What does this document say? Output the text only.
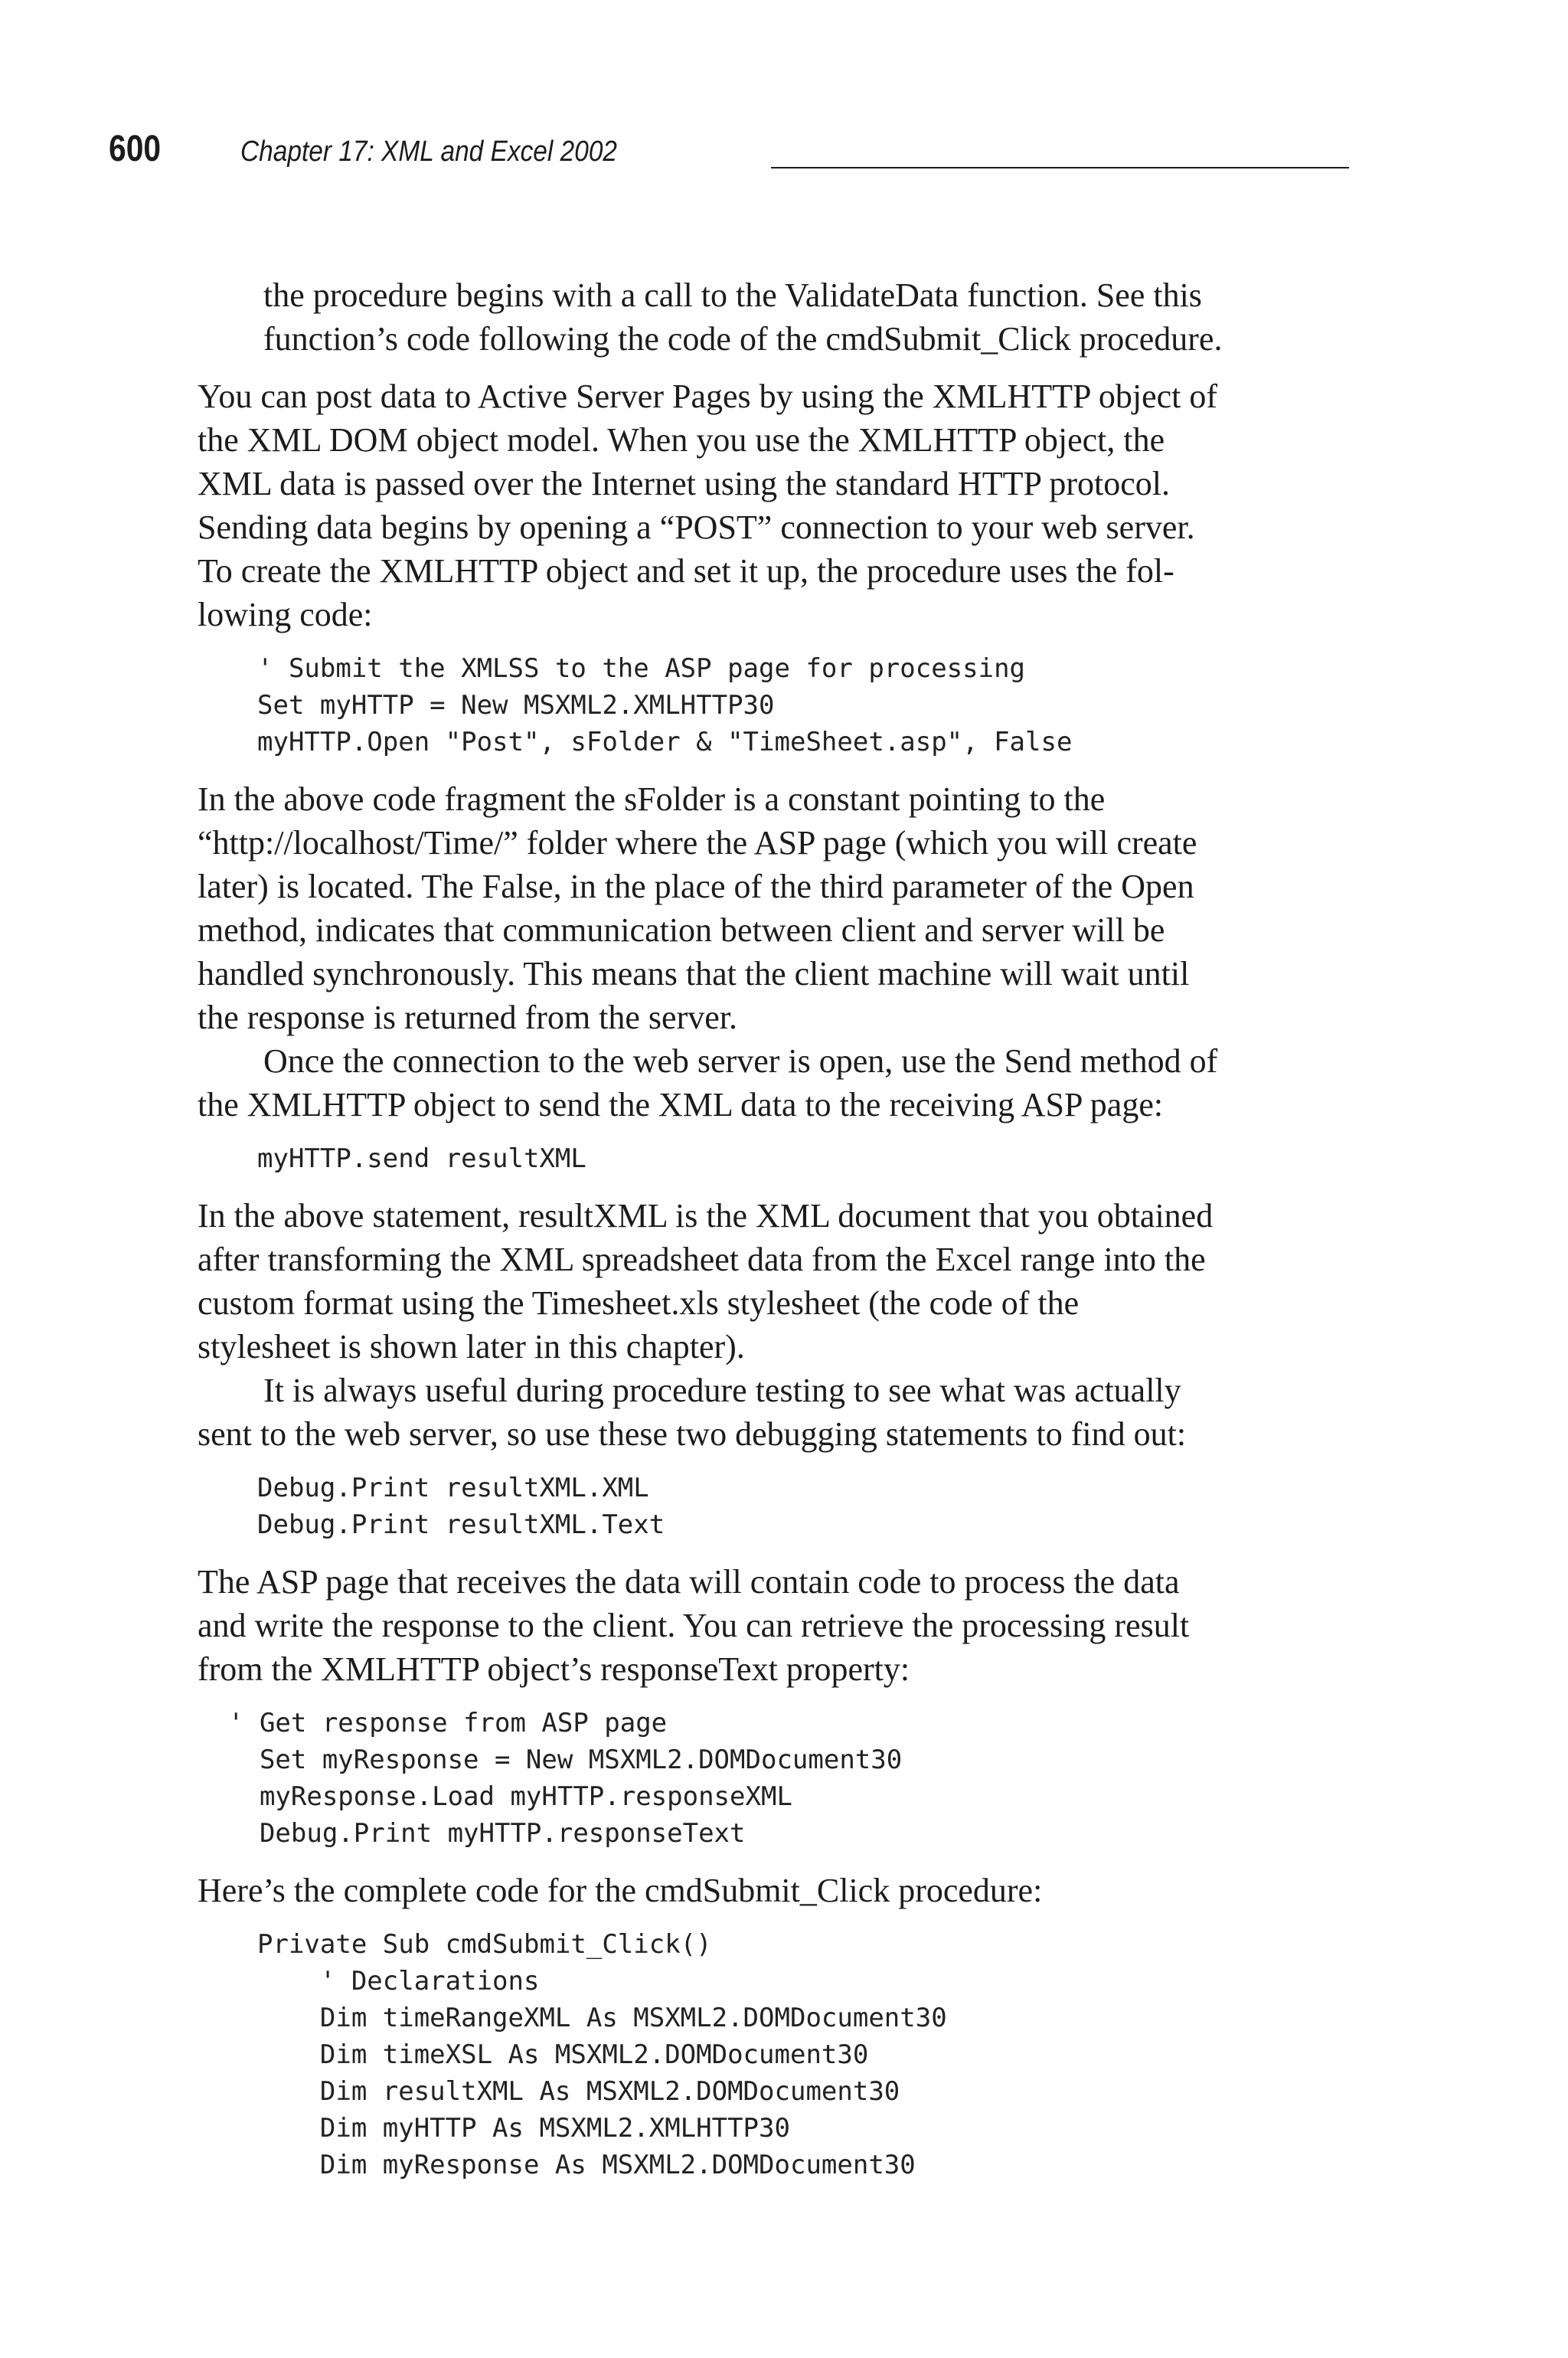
600	Chapter 17: XML and Excel 2002
the procedure begins with a call to the ValidateData function. See this
function’s code following the code of the cmdSubmit_Click procedure.
You can post data to Active Server Pages by using the XMLHTTP object of
the XML DOM object model. When you use the XMLHTTP object, the
XML data is passed over the Internet using the standard HTTP protocol.
Sending data begins by opening a “POST” connection to your web server.
To create the XMLHTTP object and set it up, the procedure uses the fol-
lowing code:
' Submit the XMLSS to the ASP page for processing
Set myHTTP = New MSXML2.XMLHTTP30
myHTTP.Open "Post", sFolder & "TimeSheet.asp", False
In the above code fragment the sFolder is a constant pointing to the
“http://localhost/Time/” folder where the ASP page (which you will create
later) is located. The False, in the place of the third parameter of the Open
method, indicates that communication between client and server will be
handled synchronously. This means that the client machine will wait until
the response is returned from the server.
Once the connection to the web server is open, use the Send method of
the XMLHTTP object to send the XML data to the receiving ASP page:
myHTTP.send resultXML
In the above statement, resultXML is the XML document that you obtained
after transforming the XML spreadsheet data from the Excel range into the
custom format using the Timesheet.xls stylesheet (the code of the
stylesheet is shown later in this chapter).
It is always useful during procedure testing to see what was actually
sent to the web server, so use these two debugging statements to find out:
Debug.Print resultXML.XML
Debug.Print resultXML.Text
The ASP page that receives the data will contain code to process the data
and write the response to the client. You can retrieve the processing result
from the XMLHTTP object’s responseText property:
' Get response from ASP page
Set myResponse = New MSXML2.DOMDocument30
myResponse.Load myHTTP.responseXML
Debug.Print myHTTP.responseText
Here’s the complete code for the cmdSubmit_Click procedure:
Private Sub cmdSubmit_Click()
' Declarations
Dim timeRangeXML As MSXML2.DOMDocument30
Dim timeXSL As MSXML2.DOMDocument30
Dim resultXML As MSXML2.DOMDocument30
Dim myHTTP As MSXML2.XMLHTTP30
Dim myResponse As MSXML2.DOMDocument30
